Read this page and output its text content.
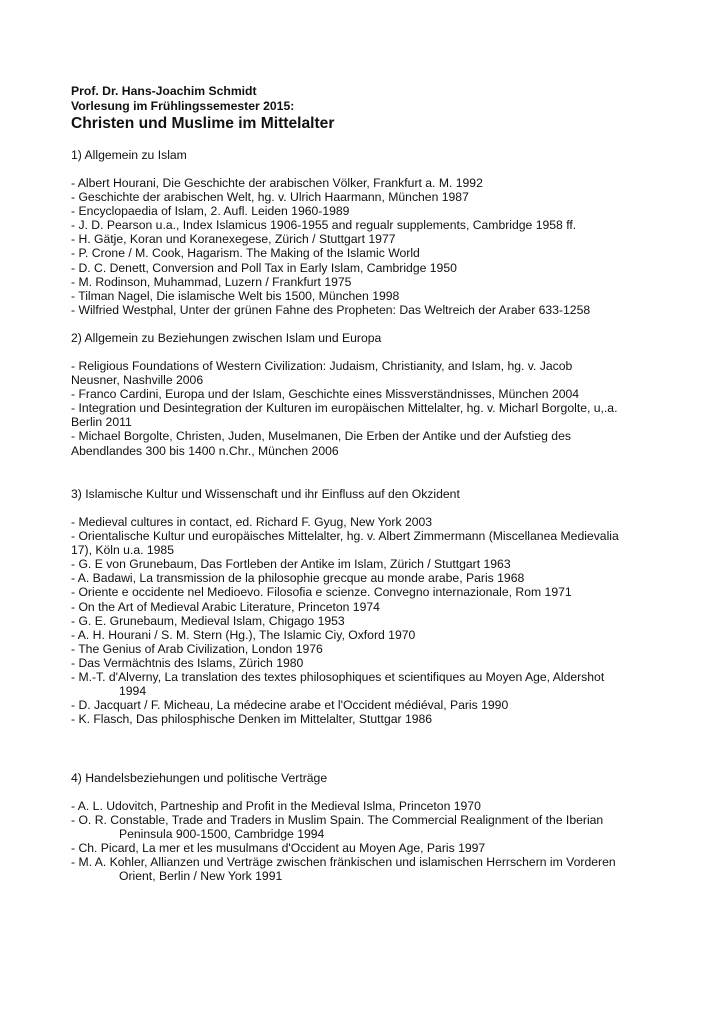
Prof. Dr. Hans-Joachim Schmidt
Vorlesung im Frühlingssemester 2015:
Christen und Muslime im Mittelalter
1) Allgemein zu Islam
- Albert Hourani, Die Geschichte der arabischen Völker, Frankfurt a. M. 1992
- Geschichte der arabischen Welt, hg. v. Ulrich Haarmann, München 1987
- Encyclopaedia of Islam, 2. Aufl. Leiden 1960-1989
- J. D. Pearson u.a., Index Islamicus 1906-1955 and regualr supplements, Cambridge 1958 ff.
- H. Gätje, Koran und Koranexegese, Zürich / Stuttgart 1977
- P. Crone / M. Cook, Hagarism. The Making of the Islamic World
- D. C. Denett, Conversion and Poll Tax in Early Islam, Cambridge 1950
- M. Rodinson, Muhammad, Luzern / Frankfurt 1975
- Tilman Nagel, Die islamische Welt bis 1500, München 1998
- Wilfried Westphal, Unter der grünen Fahne des Propheten: Das Weltreich der Araber 633-1258
2) Allgemein zu Beziehungen zwischen Islam und Europa
- Religious Foundations of Western Civilization: Judaism, Christianity, and Islam, hg. v. Jacob
Neusner, Nashville 2006
- Franco Cardini, Europa und der Islam, Geschichte eines Missverständnisses, München 2004
- Integration und Desintegration der Kulturen im europäischen Mittelalter, hg. v. Micharl Borgolte, u,.a.
Berlin 2011
- Michael Borgolte, Christen, Juden, Muselmanen, Die Erben der Antike und der Aufstieg des
Abendlandes 300 bis 1400 n.Chr., München 2006
3) Islamische Kultur und Wissenschaft und ihr Einfluss auf den Okzident
- Medieval cultures in contact, ed. Richard F. Gyug, New York 2003
- Orientalische Kultur und europäisches Mittelalter, hg. v. Albert Zimmermann (Miscellanea Medievalia
17), Köln u.a. 1985
- G. E von Grunebaum, Das Fortleben der Antike im Islam, Zürich / Stuttgart 1963
- A. Badawi, La transmission de la philosophie grecque au monde arabe, Paris 1968
- Oriente e occidente nel Medioevo. Filosofia e scienze. Convegno internazionale, Rom 1971
- On the Art of Medieval Arabic Literature, Princeton 1974
- G. E. Grunebaum, Medieval Islam, Chigago 1953
- A. H. Hourani / S. M. Stern (Hg.), The Islamic Ciy, Oxford 1970
- The Genius of Arab Civilization, London 1976
- Das Vermächtnis des Islams, Zürich 1980
- M.-T. d'Alverny, La translation des textes philosophiques et scientifiques au Moyen Age, Aldershot
1994
- D. Jacquart / F. Micheau, La médecine arabe et l'Occident médiéval, Paris 1990
- K. Flasch, Das philosphische Denken im Mittelalter, Stuttgar 1986
4) Handelsbeziehungen und politische Verträge
- A. L. Udovitch, Partneship and Profit in the Medieval Islma, Princeton 1970
- O. R. Constable, Trade and Traders in Muslim Spain. The Commercial Realignment of the Iberian
Peninsula 900-1500, Cambridge 1994
- Ch. Picard, La mer et les musulmans d'Occident au Moyen Age, Paris 1997
- M. A. Kohler, Allianzen und Verträge zwischen fränkischen und islamischen Herrschern im Vorderen
Orient, Berlin / New York 1991
